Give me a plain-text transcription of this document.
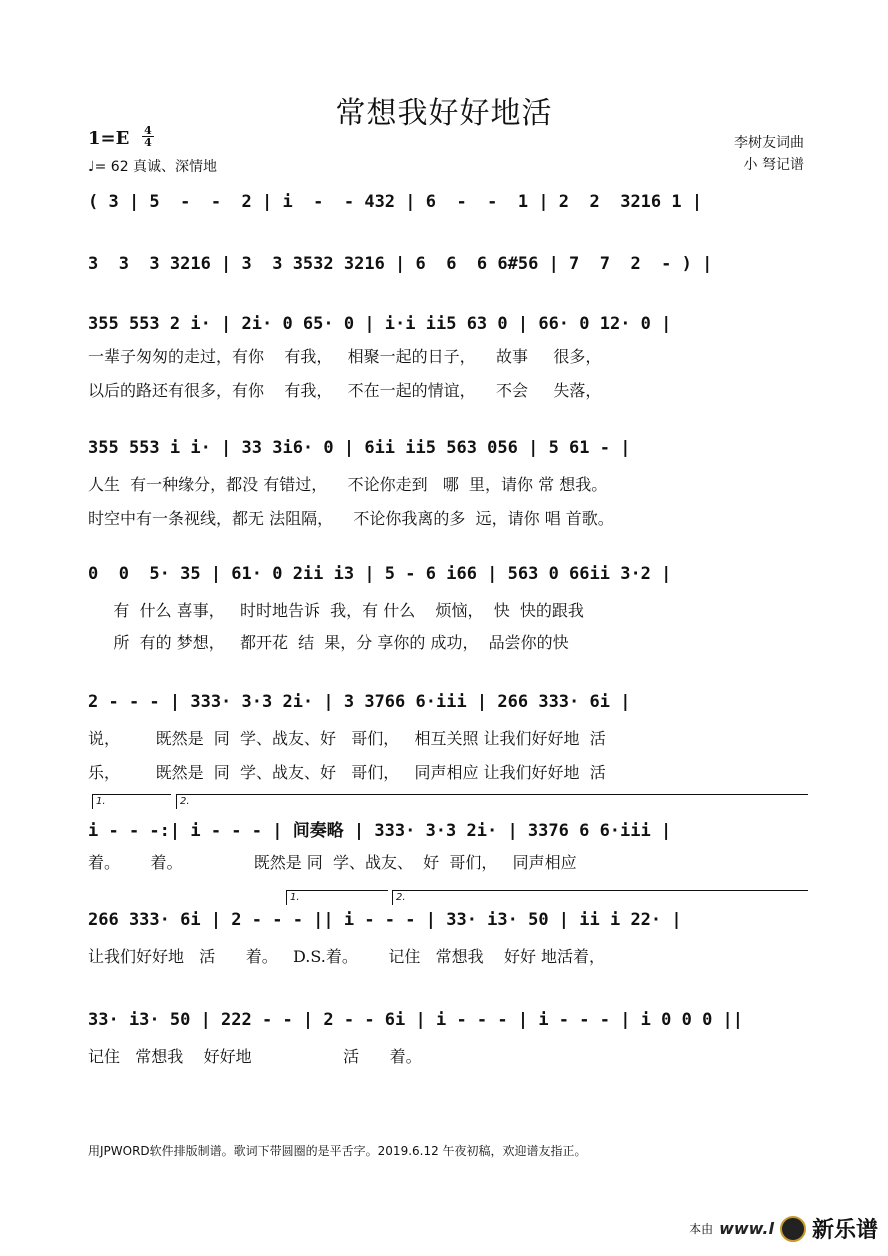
常想我好好地活
1=E 4
4
♩= 62 真诚、深情地
李树友词曲
小 弩记谱
( 3 | 5  -  -  2 | i  -  - 432 | 6  -  -  1 | 2  2  3216 1 |
3  3  3 3216 | 3  3 3532 3216 | 6  6  6 6#56 | 7  7  2  - ) |
355 553 2 i· | 2i· 0 65· 0 | i·i ii5 63 0 | 66· 0 12· 0 |
一辈子匆匆的走过，有你    有我，   相聚一起的日子，    故事     很多，
以后的路还有很多，有你    有我，   不在一起的情谊，    不会     失落，
355 553 i i· | 33 3i6· 0 | 6ii ii5 563 056 | 5 61 - |
人生  有一种缘分，都没 有错过，    不论你走到   哪  里，请你 常 想我。
时空中有一条视线，都无 法阻隔，    不论你我离的多  远，请你 唱 首歌。
0  0  5· 35 | 61· 0 2ii i3 | 5 - 6 i66 | 563 0 66ii 3·2 |
有  什么 喜事，   时时地告诉  我，有 什么    烦恼，  快  快的跟我
所  有的 梦想，   都开花  结  果，分 享你的 成功，  品尝你的快
2 - - - | 333· 3·3 2i· | 3 3766 6·iii | 266 333· 6i |
说，       既然是  同  学、战友、好   哥们，   相互关照 让我们好好地  活
乐，       既然是  同  学、战友、好   哥们，   同声相应 让我们好好地  活
1.	2.
i - - -:| i - - - | 间奏略 | 333· 3·3 2i· | 3376 6 6·iii |
着。      着。              既然是 同  学、战友、  好  哥们，   同声相应
1.	2.
266 333· 6i | 2 - - - || i - - - | 33· i3· 50 | ii i 22· |
让我们好好地   活      着。   D.S.着。      记住   常想我    好好 地活着，
33· i3· 50 | 222 - - | 2 - - 6i | i - - - | i - - - | i 0 0 0 ||
记住   常想我    好好地                  活      着。
用JPWORD软件排版制谱。歌词下带圆圈的是平舌字。2019.6.12 午夜初稿，欢迎谱友指正。
本由 www.l 新乐谱
